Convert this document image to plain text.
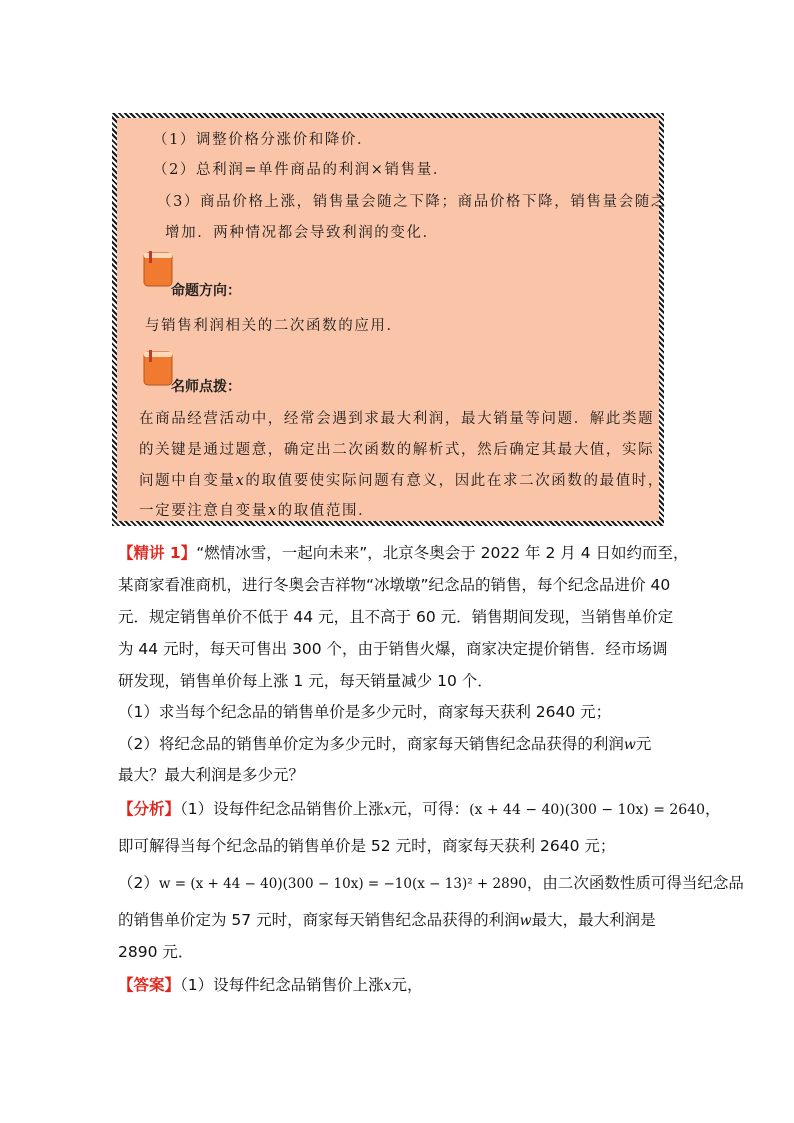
（1）调整价格分涨价和降价．
（2）总利润=单件商品的利润×销售量．
（3）商品价格上涨，销售量会随之下降；商品价格下降，销售量会随之
增加．两种情况都会导致利润的变化．
命题方向：
与销售利润相关的二次函数的应用．
名师点拨：
在商品经营活动中，经常会遇到求最大利润，最大销量等问题．解此类题
的关键是通过题意，确定出二次函数的解析式，然后确定其最大值，实际
问题中自变量x的取值要使实际问题有意义，因此在求二次函数的最值时，
一定要注意自变量x的取值范围．
【精讲 1】“燃情冰雪，一起向未来”，北京冬奥会于 2022 年 2 月 4 日如约而至，
某商家看准商机，进行冬奥会吉祥物“冰墩墩”纪念品的销售，每个纪念品进价 40
元．规定销售单价不低于 44 元，且不高于 60 元．销售期间发现，当销售单价定
为 44 元时，每天可售出 300 个，由于销售火爆，商家决定提价销售．经市场调
研发现，销售单价每上涨 1 元，每天销量减少 10 个．
（1）求当每个纪念品的销售单价是多少元时，商家每天获利 2640 元；
（2）将纪念品的销售单价定为多少元时，商家每天销售纪念品获得的利润w元
最大？最大利润是多少元？
【分析】（1）设每件纪念品销售价上涨x元，可得：(x + 44 − 40)(300 − 10x) = 2640，
即可解得当每个纪念品的销售单价是 52 元时，商家每天获利 2640 元；
（2）w = (x + 44 − 40)(300 − 10x) = −10(x − 13)² + 2890，由二次函数性质可得当纪念品
的销售单价定为 57 元时，商家每天销售纪念品获得的利润w最大，最大利润是
2890 元．
【答案】（1）设每件纪念品销售价上涨x元，
